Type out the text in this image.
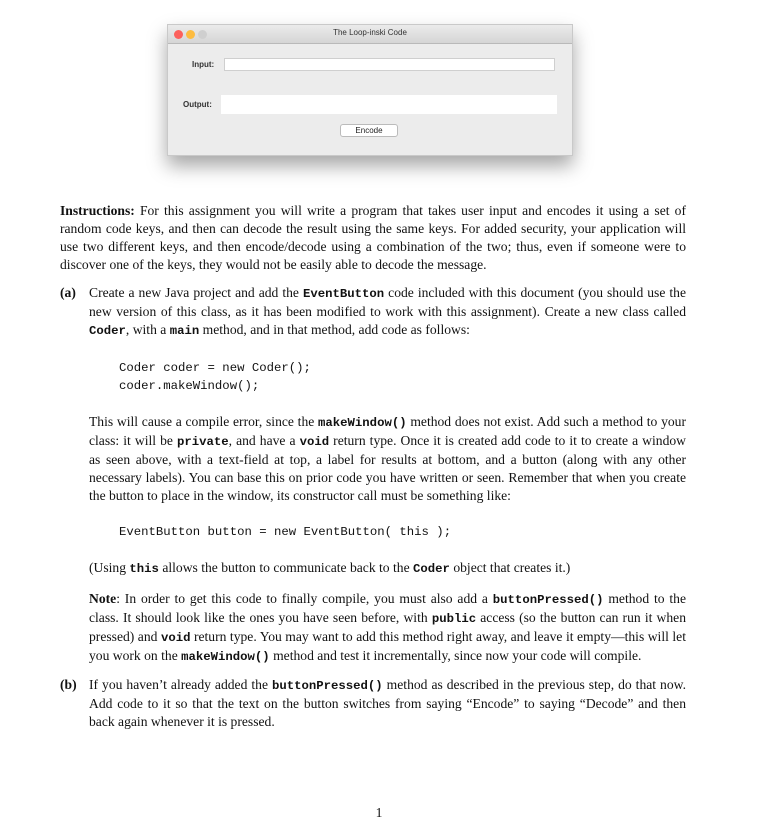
The Loop-inski Code
Input:
Output:
Encode

Instructions: For this assignment you will write a program that takes user input and encodes it using a set of random code keys, and then can decode the result using the same keys. For added security, your application will use two different keys, and then encode/decode using a combination of the two; thus, even if someone were to discover one of the keys, they would not be easily able to decode the message.

(a) Create a new Java project and add the EventButton code included with this document (you should use the new version of this class, as it has been modified to work with this assignment). Create a new class called Coder, with a main method, and in that method, add code as follows:

Coder coder = new Coder();
coder.makeWindow();

This will cause a compile error, since the makeWindow() method does not exist. Add such a method to your class: it will be private, and have a void return type. Once it is created add code to it to create a window as seen above, with a text-field at top, a label for results at bottom, and a button (along with any other necessary labels). You can base this on prior code you have written or seen. Remember that when you create the button to place in the window, its constructor call must be something like:

EventButton button = new EventButton( this );

(Using this allows the button to communicate back to the Coder object that creates it.)

Note: In order to get this code to finally compile, you must also add a buttonPressed() method to the class. It should look like the ones you have seen before, with public access (so the button can run it when pressed) and void return type. You may want to add this method right away, and leave it empty—this will let you work on the makeWindow() method and test it incrementally, since now your code will compile.

(b) If you haven’t already added the buttonPressed() method as described in the previous step, do that now. Add code to it so that the text on the button switches from saying “Encode” to saying “Decode” and then back again whenever it is pressed.

1
